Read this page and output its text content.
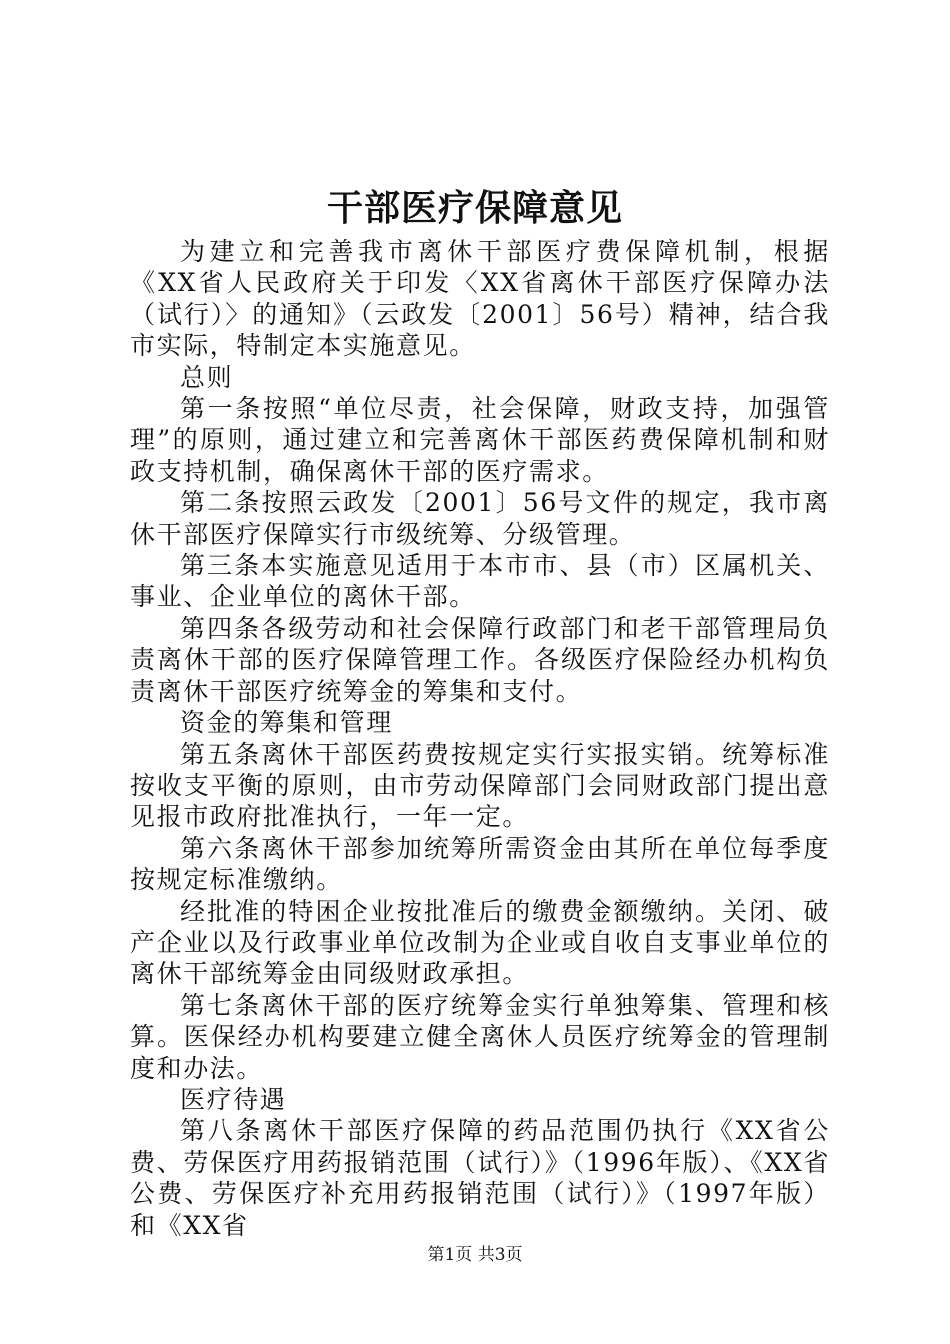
干部医疗保障意见

为建立和完善我市离休干部医疗费保障机制，根据《XX省人民政府关于印发〈XX省离休干部医疗保障办法（试行）〉的通知》（云政发〔2001〕56号）精神，结合我市实际，特制定本实施意见。

总则

第一条按照“单位尽责，社会保障，财政支持，加强管理”的原则，通过建立和完善离休干部医药费保障机制和财政支持机制，确保离休干部的医疗需求。

第二条按照云政发〔2001〕56号文件的规定，我市离休干部医疗保障实行市级统筹、分级管理。

第三条本实施意见适用于本市市、县（市）区属机关、事业、企业单位的离休干部。

第四条各级劳动和社会保障行政部门和老干部管理局负责离休干部的医疗保障管理工作。各级医疗保险经办机构负责离休干部医疗统筹金的筹集和支付。

资金的筹集和管理

第五条离休干部医药费按规定实行实报实销。统筹标准按收支平衡的原则，由市劳动保障部门会同财政部门提出意见报市政府批准执行，一年一定。

第六条离休干部参加统筹所需资金由其所在单位每季度按规定标准缴纳。

经批准的特困企业按批准后的缴费金额缴纳。关闭、破产企业以及行政事业单位改制为企业或自收自支事业单位的离休干部统筹金由同级财政承担。

第七条离休干部的医疗统筹金实行单独筹集、管理和核算。医保经办机构要建立健全离休人员医疗统筹金的管理制度和办法。

医疗待遇

第八条离休干部医疗保障的药品范围仍执行《XX省公费、劳保医疗用药报销范围（试行）》（1996年版）、《XX省公费、劳保医疗补充用药报销范围（试行）》（1997年版）和《XX省

第1页 共3页
